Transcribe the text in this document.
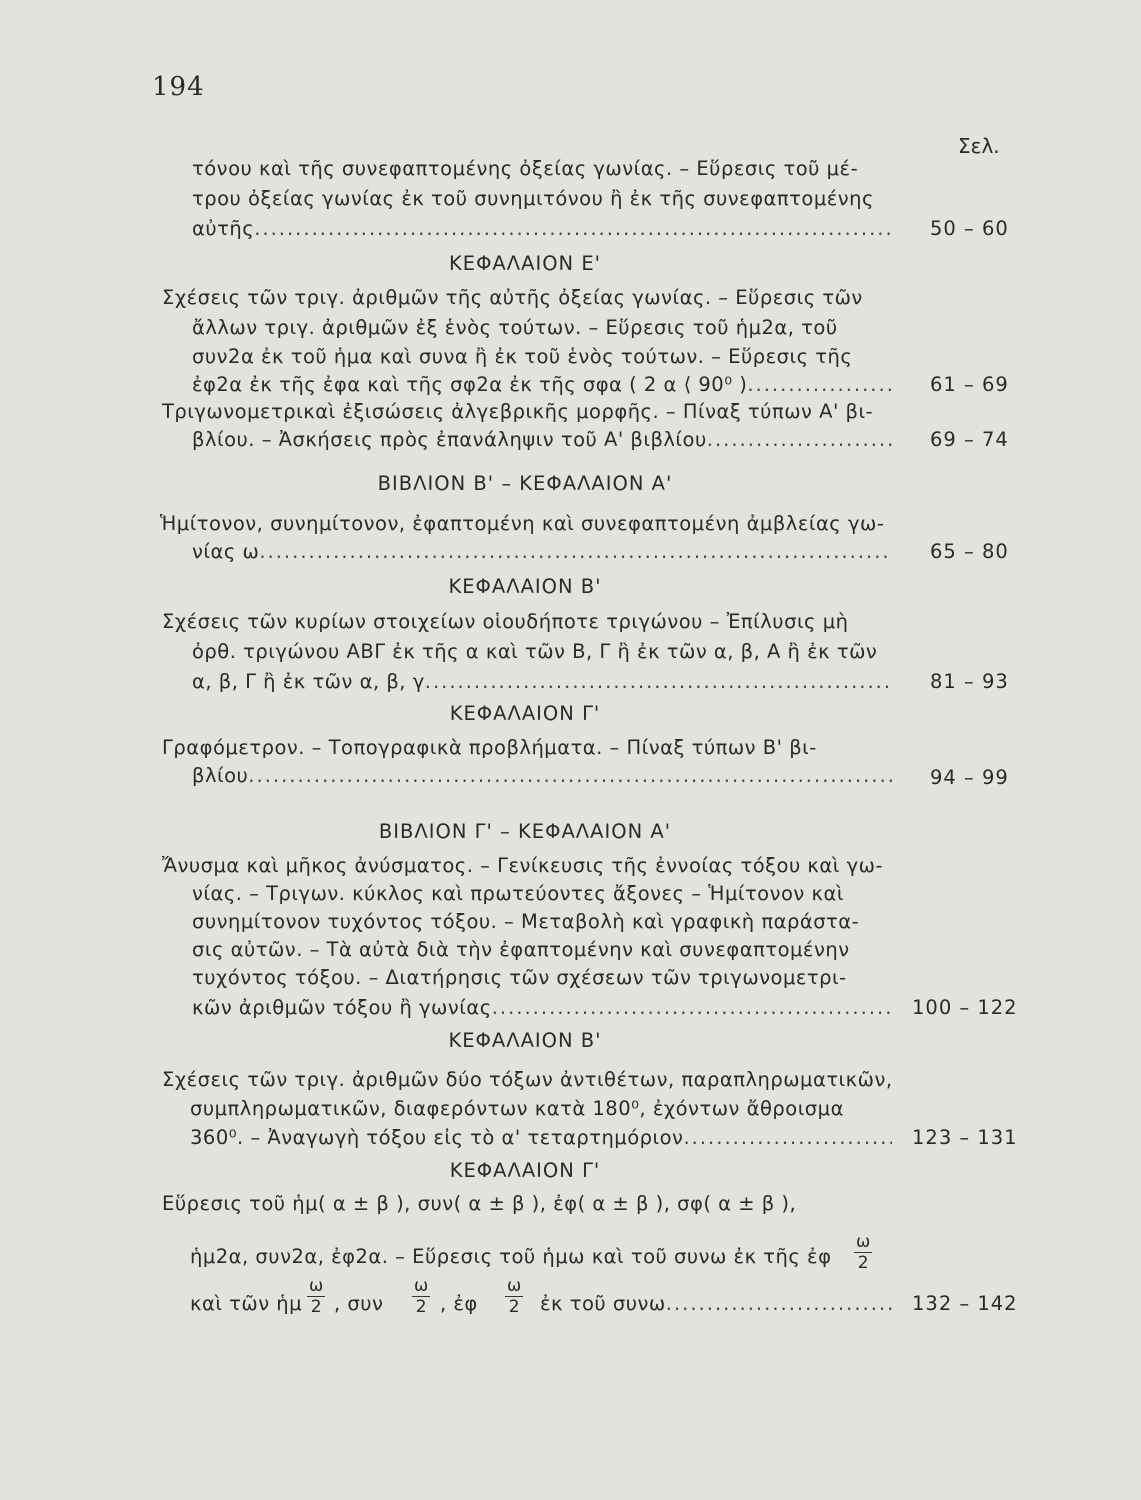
194
Σελ.
τόνου καὶ τῆς συνεφαπτομένης ὀξείας γωνίας. – Εὕρεσις τοῦ μέ-
τρου ὀξείας γωνίας ἐκ τοῦ συνημιτόνου ἢ ἐκ τῆς συνεφαπτομένης
αὐτῆς .....	50 – 60
ΚΕΦΑΛΑΙΟΝ Ε'
Σχέσεις τῶν τριγ. ἀριθμῶν τῆς αὐτῆς ὀξείας γωνίας. – Εὕρεσις τῶν
ἄλλων τριγ. ἀριθμῶν ἐξ ἑνὸς τούτων. – Εὕρεσις τοῦ ἡμ2α, τοῦ
συν2α ἐκ τοῦ ἡμα καὶ συνα ἢ ἐκ τοῦ ἑνὸς τούτων. – Εὕρεσις τῆς
ἐφ2α ἐκ τῆς ἐφα καὶ τῆς σφ2α ἐκ τῆς σφα ( 2 α ⟨ 90⁰ ) .....	61 – 69
Τριγωνομετρικαὶ ἐξισώσεις ἀλγεβρικῆς μορφῆς. – Πίναξ τύπων Α' βι-
βλίου. – Ἀσκήσεις πρὸς ἐπανάληψιν τοῦ Α' βιβλίου .....	69 – 74
ΒΙΒΛΙΟΝ Β' – ΚΕΦΑΛΑΙΟΝ Α'
Ἡμίτονον, συνημίτονον, ἐφαπτομένη καὶ συνεφαπτομένη ἀμβλείας γω-
νίας ω .....	65 – 80
ΚΕΦΑΛΑΙΟΝ Β'
Σχέσεις τῶν κυρίων στοιχείων οἱουδήποτε τριγώνου – Ἐπίλυσις μὴ
ὀρθ. τριγώνου ΑΒΓ ἐκ τῆς α καὶ τῶν Β, Γ ἢ ἐκ τῶν α, β, Α ἢ ἐκ τῶν
α, β, Γ ἢ ἐκ τῶν α, β, γ .....	81 – 93
ΚΕΦΑΛΑΙΟΝ Γ'
Γραφόμετρον. – Τοπογραφικὰ προβλήματα. – Πίναξ τύπων Β' βι-
βλίου .....	94 – 99
ΒΙΒΛΙΟΝ Γ' – ΚΕΦΑΛΑΙΟΝ Α'
Ἄνυσμα καὶ μῆκος ἀνύσματος. – Γενίκευσις τῆς ἐννοίας τόξου καὶ γω-
νίας. – Τριγων. κύκλος καὶ πρωτεύοντες ἄξονες – Ἡμίτονον καὶ
συνημίτονον τυχόντος τόξου. – Μεταβολὴ καὶ γραφικὴ παράστα-
σις αὐτῶν. – Τὰ αὐτὰ διὰ τὴν ἐφαπτομένην καὶ συνεφαπτομένην
τυχόντος τόξου. – Διατήρησις τῶν σχέσεων τῶν τριγωνομετρι-
κῶν ἀριθμῶν τόξου ἢ γωνίας .....	100 – 122
ΚΕΦΑΛΑΙΟΝ Β'
Σχέσεις τῶν τριγ. ἀριθμῶν δύο τόξων ἀντιθέτων, παραπληρωματικῶν,
συμπληρωματικῶν, διαφερόντων κατὰ 180⁰, ἐχόντων ἄθροισμα
360⁰. – Ἀναγωγὴ τόξου εἰς τὸ α' τεταρτημόριον .....	123 – 131
ΚΕΦΑΛΑΙΟΝ Γ'
Εὕρεσις τοῦ ἡμ( α ± β ), συν( α ± β ), ἐφ( α ± β ), σφ( α ± β ),
ἡμ2α, συν2α, ἐφ2α. – Εὕρεσις τοῦ ἡμω καὶ τοῦ συνω ἐκ τῆς ἐφ
ω
2
καὶ τῶν ἡμ
ω
2 , συν
ω
2 , ἐφ
ω
2 ἐκ τοῦ συνω .....	132 – 142
